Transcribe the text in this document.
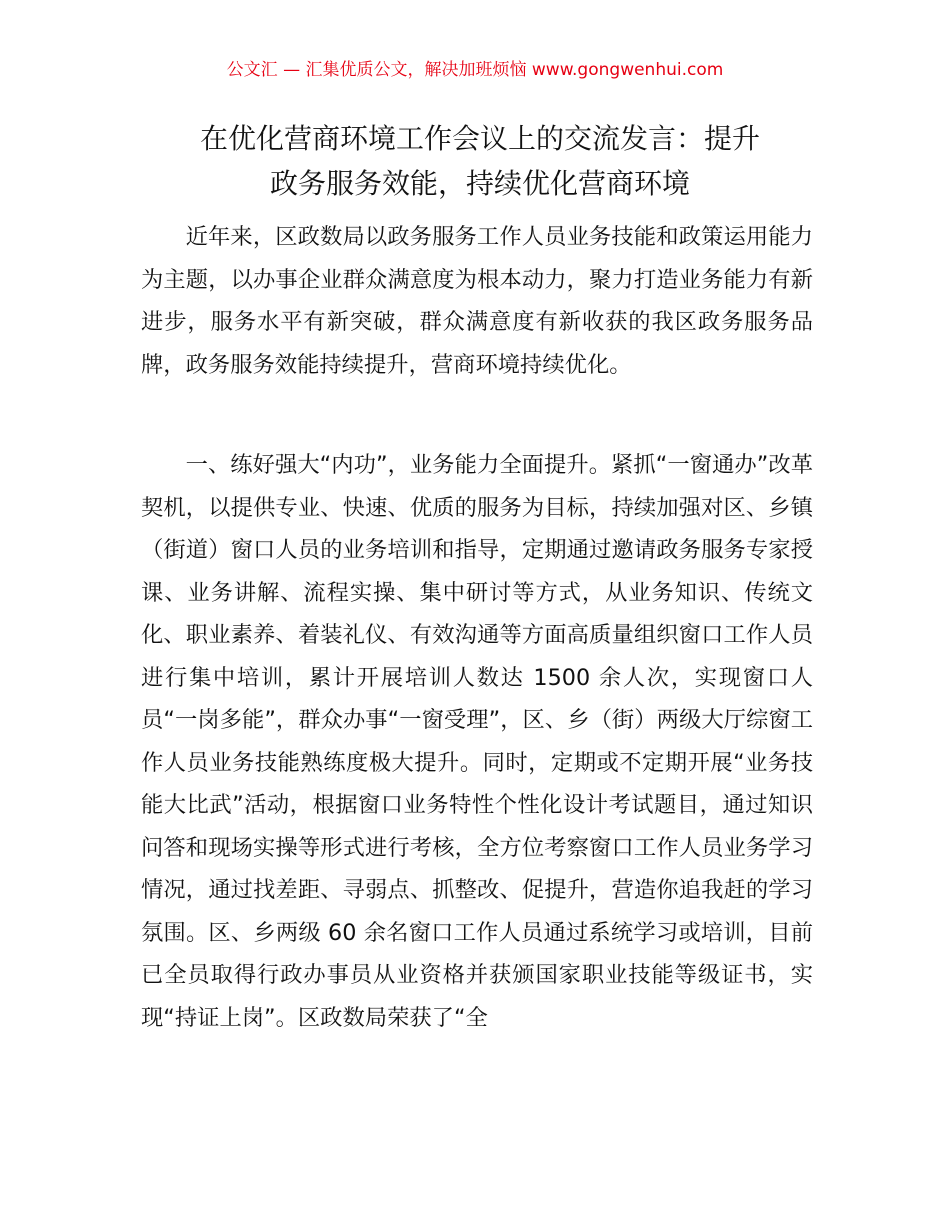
公文汇 — 汇集优质公文，解决加班烦恼 www.gongwenhui.com
在优化营商环境工作会议上的交流发言：提升
政务服务效能，持续优化营商环境

近年来，区政数局以政务服务工作人员业务技能和政策运用能力为主题，以办事企业群众满意度为根本动力，聚力打造业务能力有新进步，服务水平有新突破，群众满意度有新收获的我区政务服务品牌，政务服务效能持续提升，营商环境持续优化。

一、练好强大“内功”，业务能力全面提升。紧抓“一窗通办”改革契机，以提供专业、快速、优质的服务为目标，持续加强对区、乡镇（街道）窗口人员的业务培训和指导，定期通过邀请政务服务专家授课、业务讲解、流程实操、集中研讨等方式，从业务知识、传统文化、职业素养、着装礼仪、有效沟通等方面高质量组织窗口工作人员进行集中培训，累计开展培训人数达 1500 余人次，实现窗口人员“一岗多能”，群众办事“一窗受理”，区、乡（街）两级大厅综窗工作人员业务技能熟练度极大提升。同时，定期或不定期开展“业务技能大比武”活动，根据窗口业务特性个性化设计考试题目，通过知识问答和现场实操等形式进行考核，全方位考察窗口工作人员业务学习情况，通过找差距、寻弱点、抓整改、促提升，营造你追我赶的学习氛围。区、乡两级 60 余名窗口工作人员通过系统学习或培训，目前已全员取得行政办事员从业资格并获颁国家职业技能等级证书，实现“持证上岗”。区政数局荣获了“全
